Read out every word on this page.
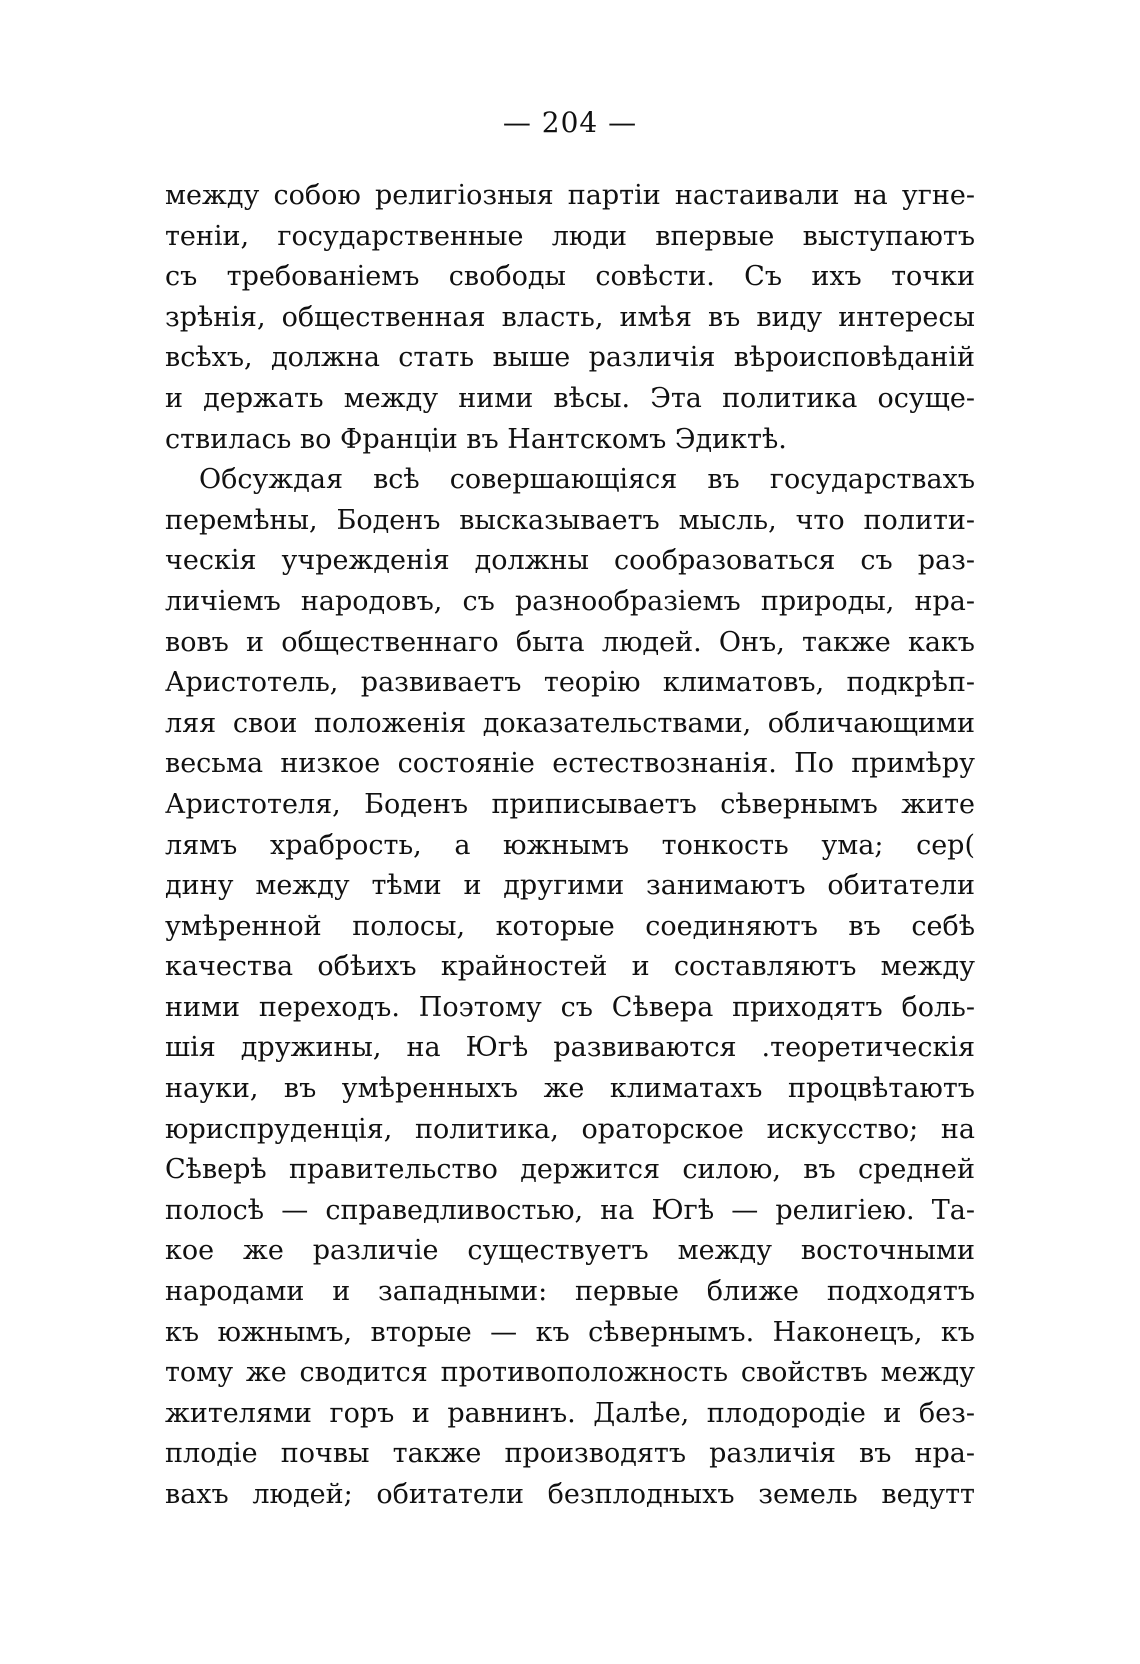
— 204 —
между собою религіозныя партіи настаивали на угне-
теніи, государственные люди впервые выступаютъ
съ требованіемъ свободы совѣсти. Съ ихъ точки
зрѣнія, общественная власть, имѣя въ виду интересы
всѣхъ, должна стать выше различія вѣроисповѣданій
и держать между ними вѣсы. Эта политика осуще-
ствилась во Франціи въ Нантскомъ Эдиктѣ.
Обсуждая всѣ совершающіяся въ государствахъ
перемѣны, Боденъ высказываетъ мысль, что полити-
ческія учрежденія должны сообразоваться съ раз-
личіемъ народовъ, съ разнообразіемъ природы, нра-
вовъ и общественнаго быта людей. Онъ, также какъ
Аристотель, развиваетъ теорію климатовъ, подкрѣп-
ляя свои положенія доказательствами, обличающими
весьма низкое состояніе естествознанія. По примѣру
Аристотеля, Боденъ приписываетъ сѣвернымъ жите
лямъ храбрость, а южнымъ тонкость ума; сер(
дину между тѣми и другими занимаютъ обитатели
умѣренной полосы, которые соединяютъ въ себѣ
качества обѣихъ крайностей и составляютъ между
ними переходъ. Поэтому съ Сѣвера приходятъ боль-
шія дружины, на Югѣ развиваются .теоретическія
науки, въ умѣренныхъ же климатахъ процвѣтаютъ
юриспруденція, политика, ораторское искусство; на
Сѣверѣ правительство держится силою, въ средней
полосѣ — справедливостью, на Югѣ — религіею. Та-
кое же различіе существуетъ между восточными
народами и западными: первые ближе подходятъ
къ южнымъ, вторые — къ сѣвернымъ. Наконецъ, къ
тому же сводится противоположность свойствъ между
жителями горъ и равнинъ. Далѣе, плодородіе и без-
плодіе почвы также производятъ различія въ нра-
вахъ людей; обитатели безплодныхъ земель ведутт
